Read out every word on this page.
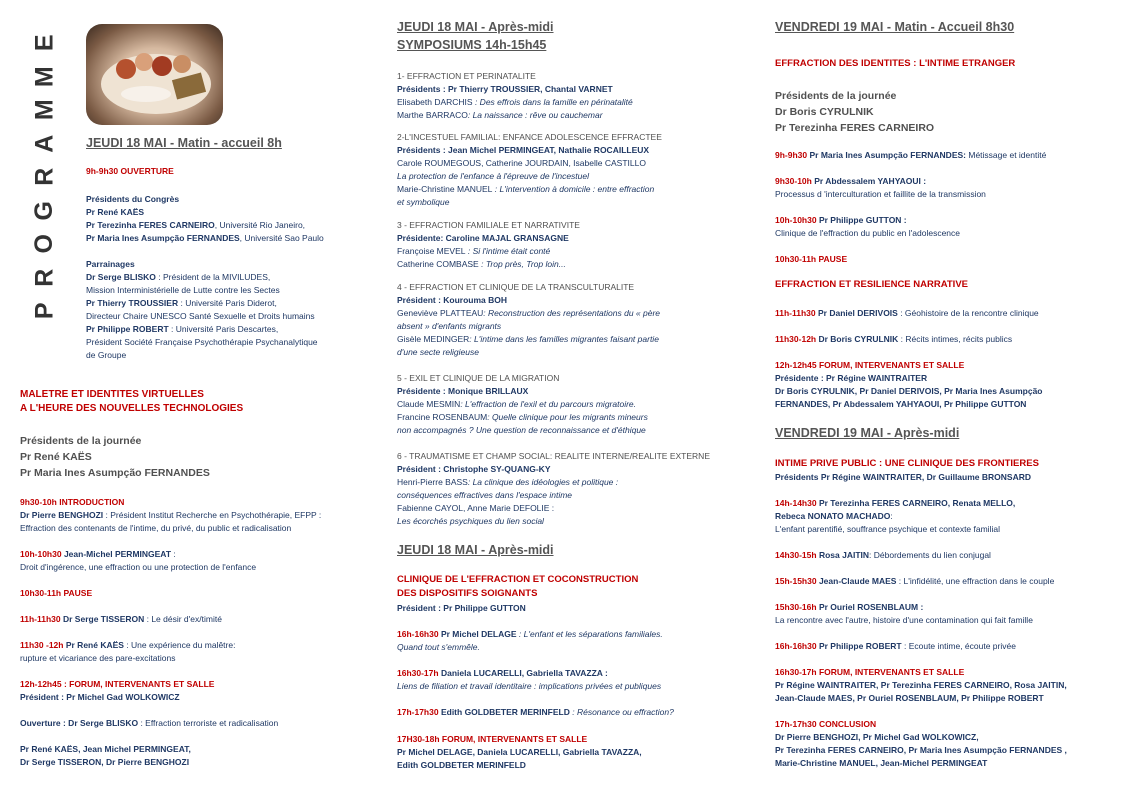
E
M
M
A
R
G
O
R
P
JEUDI 18 MAI - Matin - accueil 8h
9h-9h30 OUVERTURE
Présidents du Congrès
Pr René KAËS
Pr Terezinha FERES CARNEIRO, Université Rio Janeiro,
Pr Maria Ines Asumpção FERNANDES, Université Sao Paulo
Parrainages
Dr Serge BLISKO : Président de la MIVILUDES,
Mission Interministérielle de Lutte contre les Sectes
Pr Thierry TROUSSIER : Université Paris Diderot,
Directeur Chaire UNESCO Santé Sexuelle et Droits humains
Pr Philippe ROBERT : Université Paris Descartes,
Président Société Française Psychothérapie Psychanalytique
de Groupe
MALETRE ET IDENTITES VIRTUELLES
A L'HEURE DES NOUVELLES TECHNOLOGIES
Présidents de la journée
Pr René KAËS
Pr Maria Ines Asumpção FERNANDES
9h30-10h INTRODUCTION
Dr Pierre BENGHOZI : Président Institut Recherche en Psychothérapie, EFPP :
Effraction des contenants de l'intime, du privé, du public et radicalisation
10h-10h30 Jean-Michel PERMINGEAT :
Droit d'ingérence, une effraction ou une protection de l'enfance
10h30-11h PAUSE
11h-11h30 Dr Serge TISSERON : Le désir d'ex/timité
11h30 -12h Pr René KAËS : Une expérience du malêtre:
rupture et vicariance des pare-excitations
12h-12h45 : FORUM, INTERVENANTS ET SALLE
Président : Pr Michel Gad WOLKOWICZ
Ouverture : Dr Serge BLISKO : Effraction terroriste et radicalisation
Pr René KAËS, Jean Michel PERMINGEAT,
Dr Serge TISSERON, Dr Pierre BENGHOZI
JEUDI 18 MAI - Après-midi
SYMPOSIUMS 14h-15h45
1- EFFRACTION ET PERINATALITE
Présidents : Pr Thierry TROUSSIER, Chantal VARNET
Elisabeth DARCHIS : Des effrois dans la famille en périnatalité
Marthe BARRACO: La naissance : rêve ou cauchemar
2-L'INCESTUEL FAMILIAL: ENFANCE ADOLESCENCE EFFRACTEE
Présidents : Jean Michel PERMINGEAT, Nathalie ROCAILLEUX
Carole ROUMEGOUS, Catherine JOURDAIN, Isabelle CASTILLO
La protection de l'enfance à l'épreuve de l'incestuel
Marie-Christine MANUEL : L'intervention à domicile : entre effraction
et symbolique
3 - EFFRACTION FAMILIALE ET NARRATIVITE
Présidente: Caroline MAJAL GRANSAGNE
Françoise MEVEL : Si l'intime était conté
Catherine COMBASE : Trop près, Trop loin...
4 - EFFRACTION ET CLINIQUE DE LA TRANSCULTURALITE
Président : Kourouma BOH
Geneviève PLATTEAU: Reconstruction des représentations du « père
absent » d'enfants migrants
Gisèle MEDINGER: L'intime dans les familles migrantes faisant partie
d'une secte religieuse
5 - EXIL ET CLINIQUE DE LA MIGRATION
Présidente : Monique BRILLAUX
Claude MESMIN: L'effraction de l'exil et du parcours migratoire.
Francine ROSENBAUM: Quelle clinique pour les migrants mineurs
non accompagnés ? Une question de reconnaissance et d'éthique
6 - TRAUMATISME ET CHAMP SOCIAL: REALITE INTERNE/REALITE EXTERNE
Président : Christophe SY-QUANG-KY
Henri-Pierre BASS: La clinique des idéologies et politique :
conséquences effractives dans l'espace intime
Fabienne CAYOL, Anne Marie DEFOLIE :
Les écorchés psychiques du lien social
JEUDI 18 MAI - Après-midi
CLINIQUE DE L'EFFRACTION ET COCONSTRUCTION
DES DISPOSITIFS SOIGNANTS
Président : Pr Philippe GUTTON
16h-16h30 Pr Michel DELAGE : L'enfant et les séparations familiales.
Quand tout s'emmêle.
16h30-17h Daniela LUCARELLI, Gabriella TAVAZZA :
Liens de filiation et travail identitaire : implications privées et publiques
17h-17h30 Edith GOLDBETER MERINFELD : Résonance ou effraction?
17H30-18h FORUM, INTERVENANTS ET SALLE
Pr Michel DELAGE, Daniela LUCARELLI, Gabriella TAVAZZA,
Edith GOLDBETER MERINFELD
VENDREDI 19 MAI - Matin - Accueil 8h30
EFFRACTION DES IDENTITES : L'INTIME ETRANGER
Présidents de la journée
Dr Boris CYRULNIK
Pr Terezinha FERES CARNEIRO
9h-9h30 Pr Maria Ines Asumpção FERNANDES: Métissage et identité
9h30-10h Pr Abdessalem YAHYAOUI :
Processus d 'interculturation et faillite de la transmission
10h-10h30 Pr Philippe GUTTON :
Clinique de l'effraction du public en l'adolescence
10h30-11h PAUSE
EFFRACTION ET RESILIENCE NARRATIVE
11h-11h30 Pr Daniel DERIVOIS : Géohistoire de la rencontre clinique
11h30-12h Dr Boris CYRULNIK : Récits intimes, récits publics
12h-12h45 FORUM, INTERVENANTS ET SALLE
Présidente : Pr Régine WAINTRAITER
Dr Boris CYRULNIK, Pr Daniel DERIVOIS, Pr Maria Ines Asumpção
FERNANDES, Pr Abdessalem YAHYAOUI, Pr Philippe GUTTON
VENDREDI 19 MAI - Après-midi
INTIME PRIVE PUBLIC : UNE CLINIQUE DES FRONTIERES
Présidents Pr Régine WAINTRAITER, Dr Guillaume BRONSARD
14h-14h30 Pr Terezinha FERES CARNEIRO, Renata MELLO,
Rebeca NONATO MACHADO:
L'enfant parentifié, souffrance psychique et contexte familial
14h30-15h Rosa JAITIN: Débordements du lien conjugal
15h-15h30 Jean-Claude MAES : L'infidélité, une effraction dans le couple
15h30-16h Pr Ouriel ROSENBLAUM :
La rencontre avec l'autre, histoire d'une contamination qui fait famille
16h-16h30 Pr Philippe ROBERT : Ecoute intime, écoute privée
16h30-17h FORUM, INTERVENANTS ET SALLE
Pr Régine WAINTRAITER, Pr Terezinha FERES CARNEIRO, Rosa JAITIN,
Jean-Claude MAES, Pr Ouriel ROSENBLAUM, Pr Philippe ROBERT
17h-17h30 CONCLUSION
Dr Pierre BENGHOZI, Pr Michel Gad WOLKOWICZ,
Pr Terezinha FERES CARNEIRO, Pr Maria Ines Asumpção FERNANDES ,
Marie-Christine MANUEL, Jean-Michel PERMINGEAT
